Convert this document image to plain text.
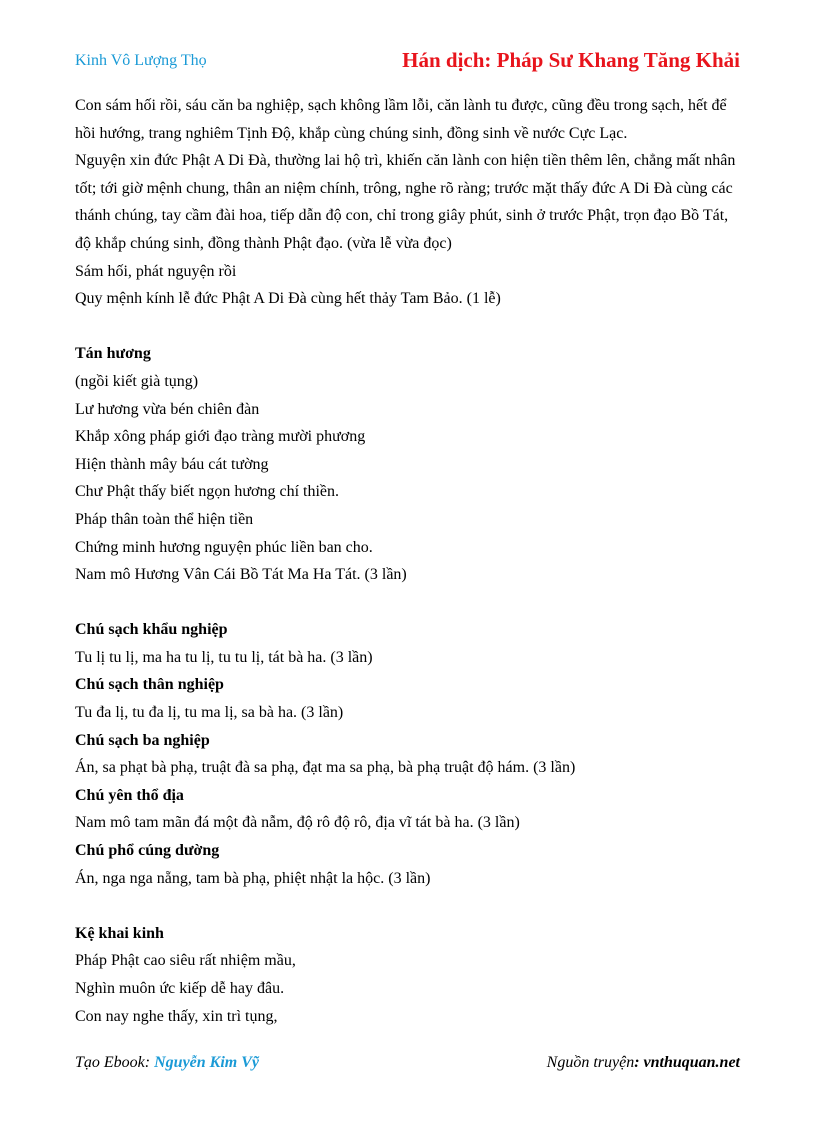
Kinh Vô Lượng Thọ	Hán dịch: Pháp Sư Khang Tăng Khải

Con sám hối rồi, sáu căn ba nghiệp, sạch không lầm lỗi, căn lành tu được, cũng đều trong sạch, hết để hồi hướng, trang nghiêm Tịnh Độ, khắp cùng chúng sinh, đồng sinh về nước Cực Lạc.

Nguyện xin đức Phật A Di Đà, thường lai hộ trì, khiến căn lành con hiện tiền thêm lên, chẳng mất nhân tốt; tới giờ mệnh chung, thân an niệm chính, trông, nghe rõ ràng; trước mặt thấy đức A Di Đà cùng các thánh chúng, tay cầm đài hoa, tiếp dẫn độ con, chỉ trong giây phút, sinh ở trước Phật, trọn đạo Bồ Tát, độ khắp chúng sinh, đồng thành Phật đạo. (vừa lễ vừa đọc)

Sám hối, phát nguyện rồi

Quy mệnh kính lễ đức Phật A Di Đà cùng hết thảy Tam Bảo. (1 lễ)

Tán hương

(ngồi kiết già tụng)

Lư hương vừa bén chiên đàn

Khắp xông pháp giới đạo tràng mười phương

Hiện thành mây báu cát tường

Chư Phật thấy biết ngọn hương chí thiền.

Pháp thân toàn thể hiện tiền

Chứng minh hương nguyện phúc liền ban cho.

Nam mô Hương Vân Cái Bồ Tát Ma Ha Tát. (3 lần)

Chú sạch khẩu nghiệp

Tu lị tu lị, ma ha tu lị, tu tu lị, tát bà ha. (3 lần)

Chú sạch thân nghiệp

Tu đa lị, tu đa lị, tu ma lị, sa bà ha. (3 lần)

Chú sạch ba nghiệp

Án, sa phạt bà phạ, truật đà sa phạ, đạt ma sa phạ, bà phạ truật độ hám. (3 lần)

Chú yên thổ địa

Nam mô tam mãn đá một đà nẫm, độ rô độ rô, địa vĩ tát bà ha. (3 lần)

Chú phổ cúng dường

Án, nga nga nẵng, tam bà phạ, phiệt nhật la hộc. (3 lần)

Kệ khai kinh

Pháp Phật cao siêu rất nhiệm mầu,

Nghìn muôn ức kiếp dễ hay đâu.

Con nay nghe thấy, xin trì tụng,

Tạo Ebook: Nguyễn Kim Vỹ	Nguồn truyện: vnthuquan.net
